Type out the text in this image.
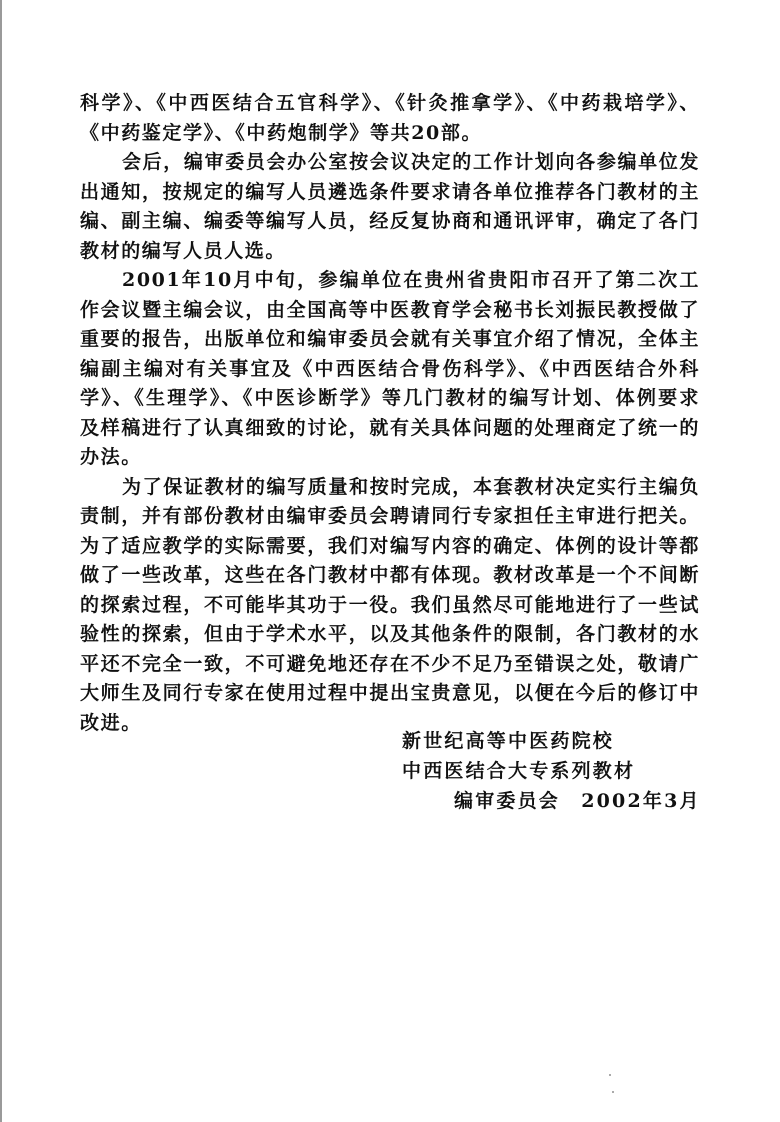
科学》、《中西医结合五官科学》、《针灸推拿学》、《中药栽培学》、《中药鉴定学》、《中药炮制学》等共20部。

会后，编审委员会办公室按会议决定的工作计划向各参编单位发出通知，按规定的编写人员遴选条件要求请各单位推荐各门教材的主编、副主编、编委等编写人员，经反复协商和通讯评审，确定了各门教材的编写人员人选。

2001年10月中旬，参编单位在贵州省贵阳市召开了第二次工作会议暨主编会议，由全国高等中医教育学会秘书长刘振民教授做了重要的报告，出版单位和编审委员会就有关事宜介绍了情况，全体主编副主编对有关事宜及《中西医结合骨伤科学》、《中西医结合外科学》、《生理学》、《中医诊断学》等几门教材的编写计划、体例要求及样稿进行了认真细致的讨论，就有关具体问题的处理商定了统一的办法。

为了保证教材的编写质量和按时完成，本套教材决定实行主编负责制，并有部份教材由编审委员会聘请同行专家担任主审进行把关。为了适应教学的实际需要，我们对编写内容的确定、体例的设计等都做了一些改革，这些在各门教材中都有体现。教材改革是一个不间断的探索过程，不可能毕其功于一役。我们虽然尽可能地进行了一些试验性的探索，但由于学术水平，以及其他条件的限制，各门教材的水平还不完全一致，不可避免地还存在不少不足乃至错误之处，敬请广大师生及同行专家在使用过程中提出宝贵意见，以便在今后的修订中改进。

新世纪高等中医药院校
中西医结合大专系列教材
编审委员会　2002年3月
